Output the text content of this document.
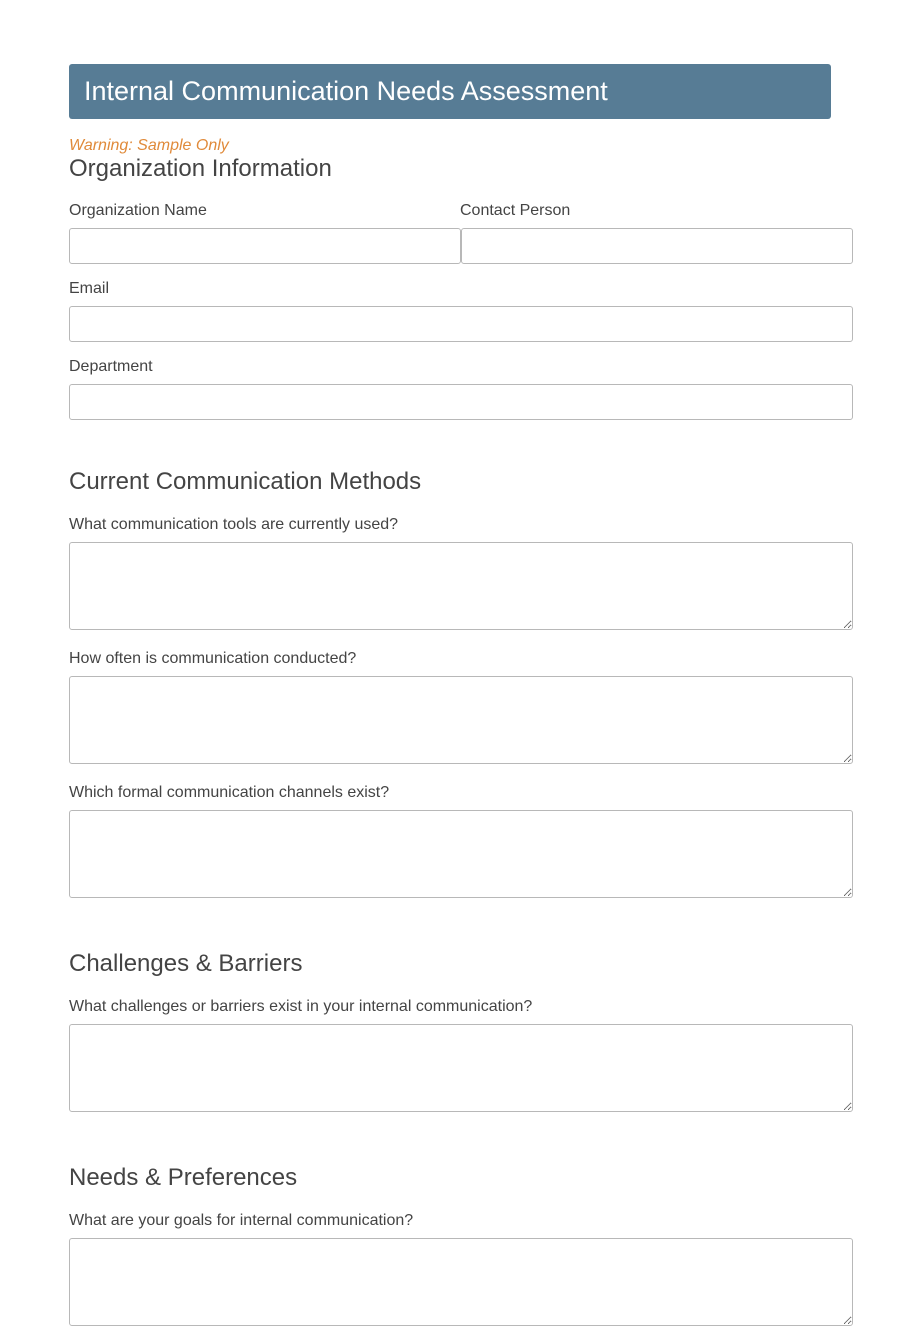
Internal Communication Needs Assessment
Warning: Sample Only
Organization Information
Organization Name	Contact Person
Email
Department
Current Communication Methods
What communication tools are currently used?
How often is communication conducted?
Which formal communication channels exist?
Challenges & Barriers
What challenges or barriers exist in your internal communication?
Needs & Preferences
What are your goals for internal communication?
